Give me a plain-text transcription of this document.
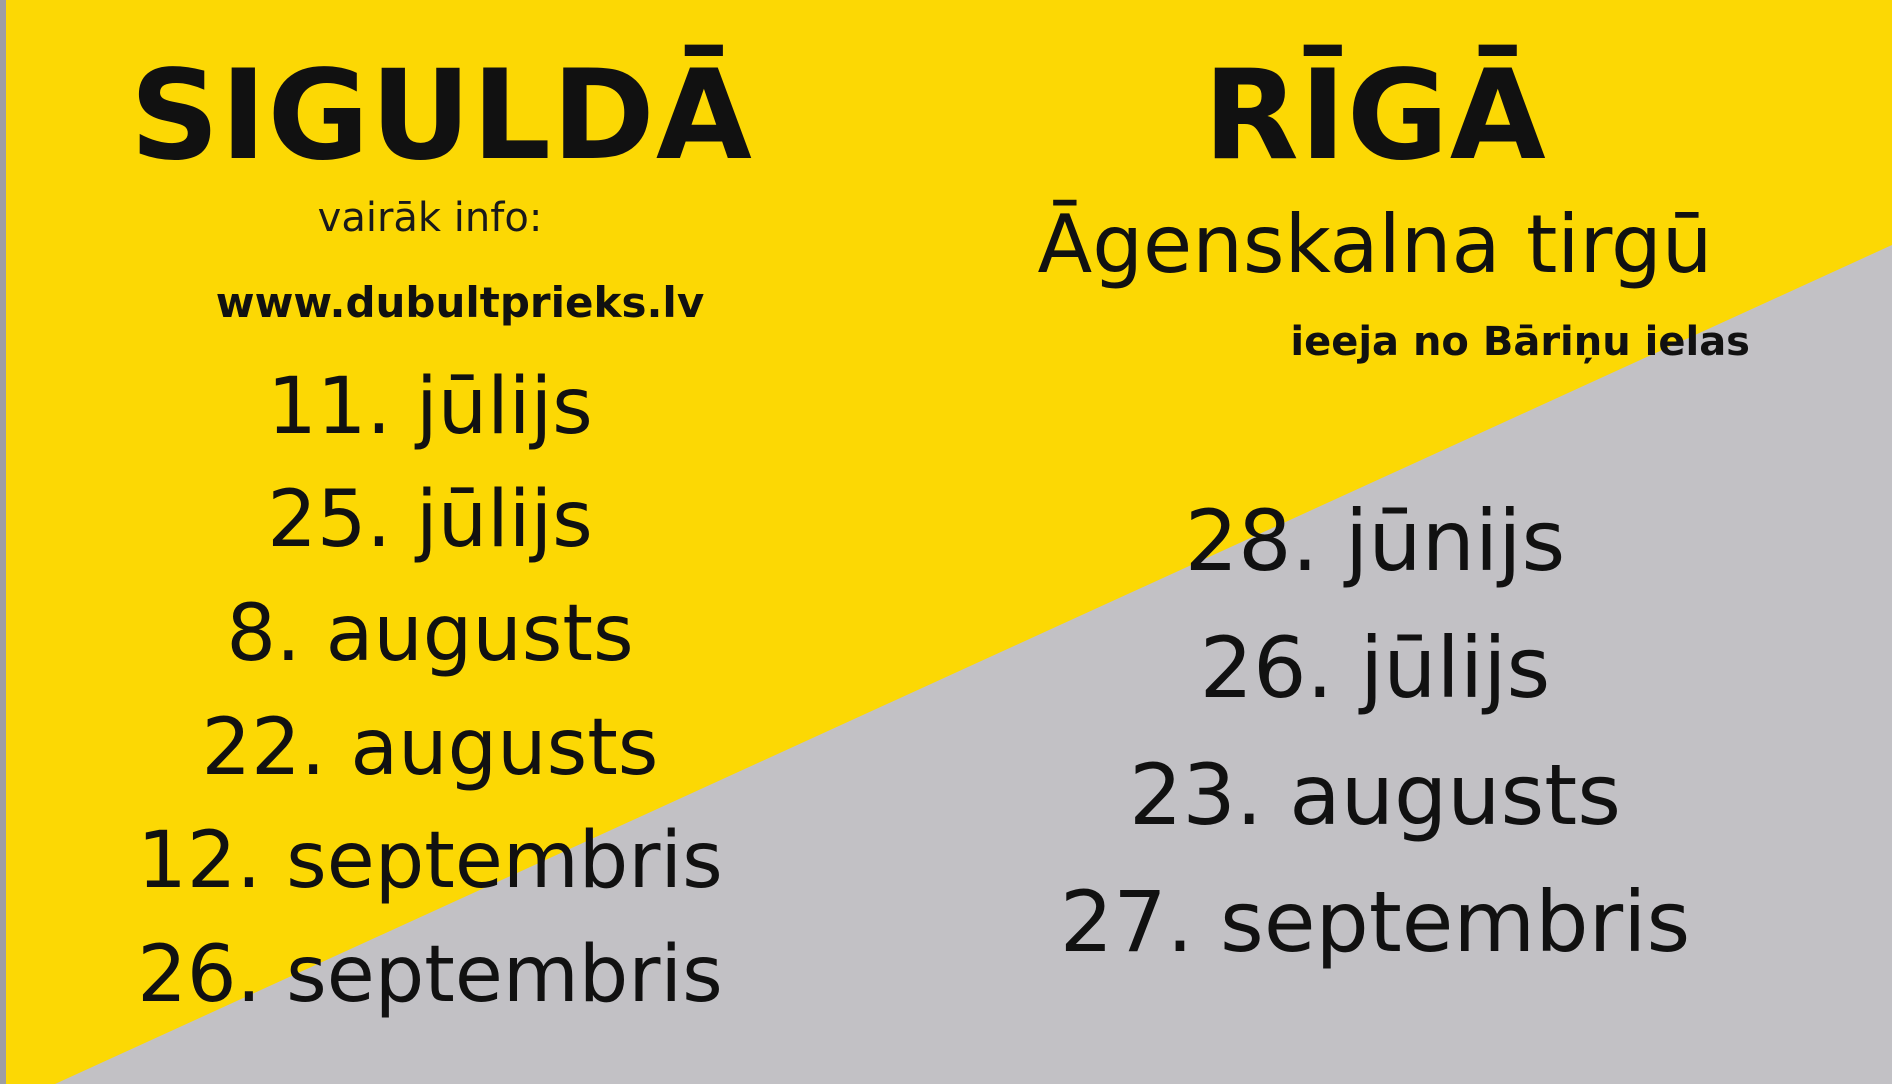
SIGULDĀ
vairāk info:
www.dubultprieks.lv
11. jūlijs
25. jūlijs
8. augusts
22. augusts
12. septembris
26. septembris
RĪGĀ
Āgenskalna tirgū
ieeja no Bāriņu ielas
28. jūnijs
26. jūlijs
23. augusts
27. septembris
